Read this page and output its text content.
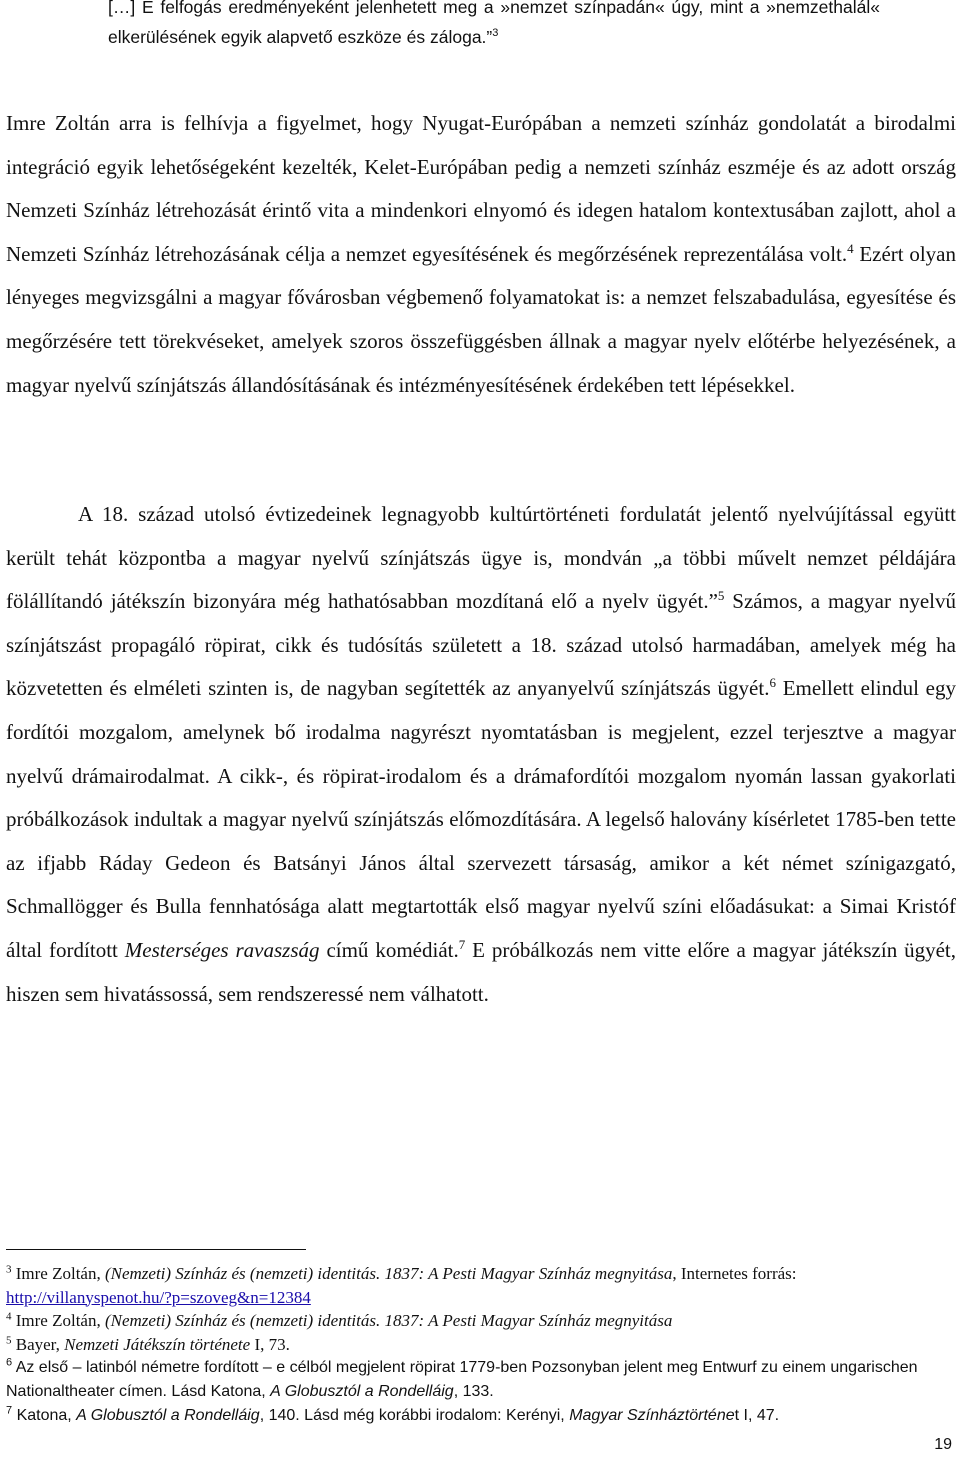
[…] E felfogás eredményeként jelenhetett meg a »nemzet színpadán« úgy, mint a »nemzethalál« elkerülésének egyik alapvető eszköze és záloga.”$^3$

Imre Zoltán arra is felhívja a figyelmet, hogy Nyugat-Európában a nemzeti színház gondolatát a birodalmi integráció egyik lehetőségeként kezelték, Kelet-Európában pedig a nemzeti színház eszméje és az adott ország Nemzeti Színház létrehozását érintő vita a mindenkori elnyomó és idegen hatalom kontextusában zajlott, ahol a Nemzeti Színház létrehozásának célja a nemzet egyesítésének és megőrzésének reprezentálása volt.$^4$ Ezért olyan lényeges megvizsgálni a magyar fővárosban végbemenő folyamatokat is: a nemzet felszabadulása, egyesítése és megőrzésére tett törekvéseket, amelyek szoros összefüggésben állnak a magyar nyelv előtérbe helyezésének, a magyar nyelvű színjátszás állandósításának és intézményesítésének érdekében tett lépésekkel.

A 18. század utolsó évtizedeinek legnagyobb kultúrtörténeti fordulatát jelentő nyelvújítással együtt került tehát központba a magyar nyelvű színjátszás ügye is, mondván „a többi művelt nemzet példájára fölállítandó játékszín bizonyára még hathatósabban mozdítaná elő a nyelv ügyét.”$^5$ Számos, a magyar nyelvű színjátszást propagáló röpirat, cikk és tudósítás született a 18. század utolsó harmadában, amelyek még ha közvetetten és elméleti szinten is, de nagyban segítették az anyanyelvű színjátszás ügyét.$^6$ Emellett elindul egy fordítói mozgalom, amelynek bő irodalma nagyrészt nyomtatásban is megjelent, ezzel terjesztve a magyar nyelvű drámairodalmat. A cikk-, és röpirat-irodalom és a drámafordítói mozgalom nyomán lassan gyakorlati próbálkozások indultak a magyar nyelvű színjátszás előmozdítására. A legelső halovány kísérletet 1785-ben tette az ifjabb Ráday Gedeon és Batsányi János által szervezett társaság, amikor a két német színigazgató, Schmallögger és Bulla fennhatósága alatt megtartották első magyar nyelvű színi előadásukat: a Simai Kristóf által fordított Mesterséges ravaszság című komédiát.$^7$ E próbálkozás nem vitte előre a magyar játékszín ügyét, hiszen sem hivatássossá, sem rendszeressé nem válhatott.

$^3$ Imre Zoltán, (Nemzeti) Színház és (nemzeti) identitás. 1837: A Pesti Magyar Színház megnyitása, Internetes forrás: http://villanyspenot.hu/?p=szoveg&n=12384

$^4$ Imre Zoltán, (Nemzeti) Színház és (nemzeti) identitás. 1837: A Pesti Magyar Színház megnyitása

$^5$ Bayer, Nemzeti Játékszín története I, 73.

$^6$ Az első – latinból németre fordított – e célból megjelent röpirat 1779-ben Pozsonyban jelent meg Entwurf zu einem ungarischen Nationaltheater címen. Lásd Katona, A Globusztól a Rondelláig, 133.

$^7$ Katona, A Globusztól a Rondelláig, 140. Lásd még korábbi irodalom: Kerényi, Magyar Színháztörténet I, 47.

19
